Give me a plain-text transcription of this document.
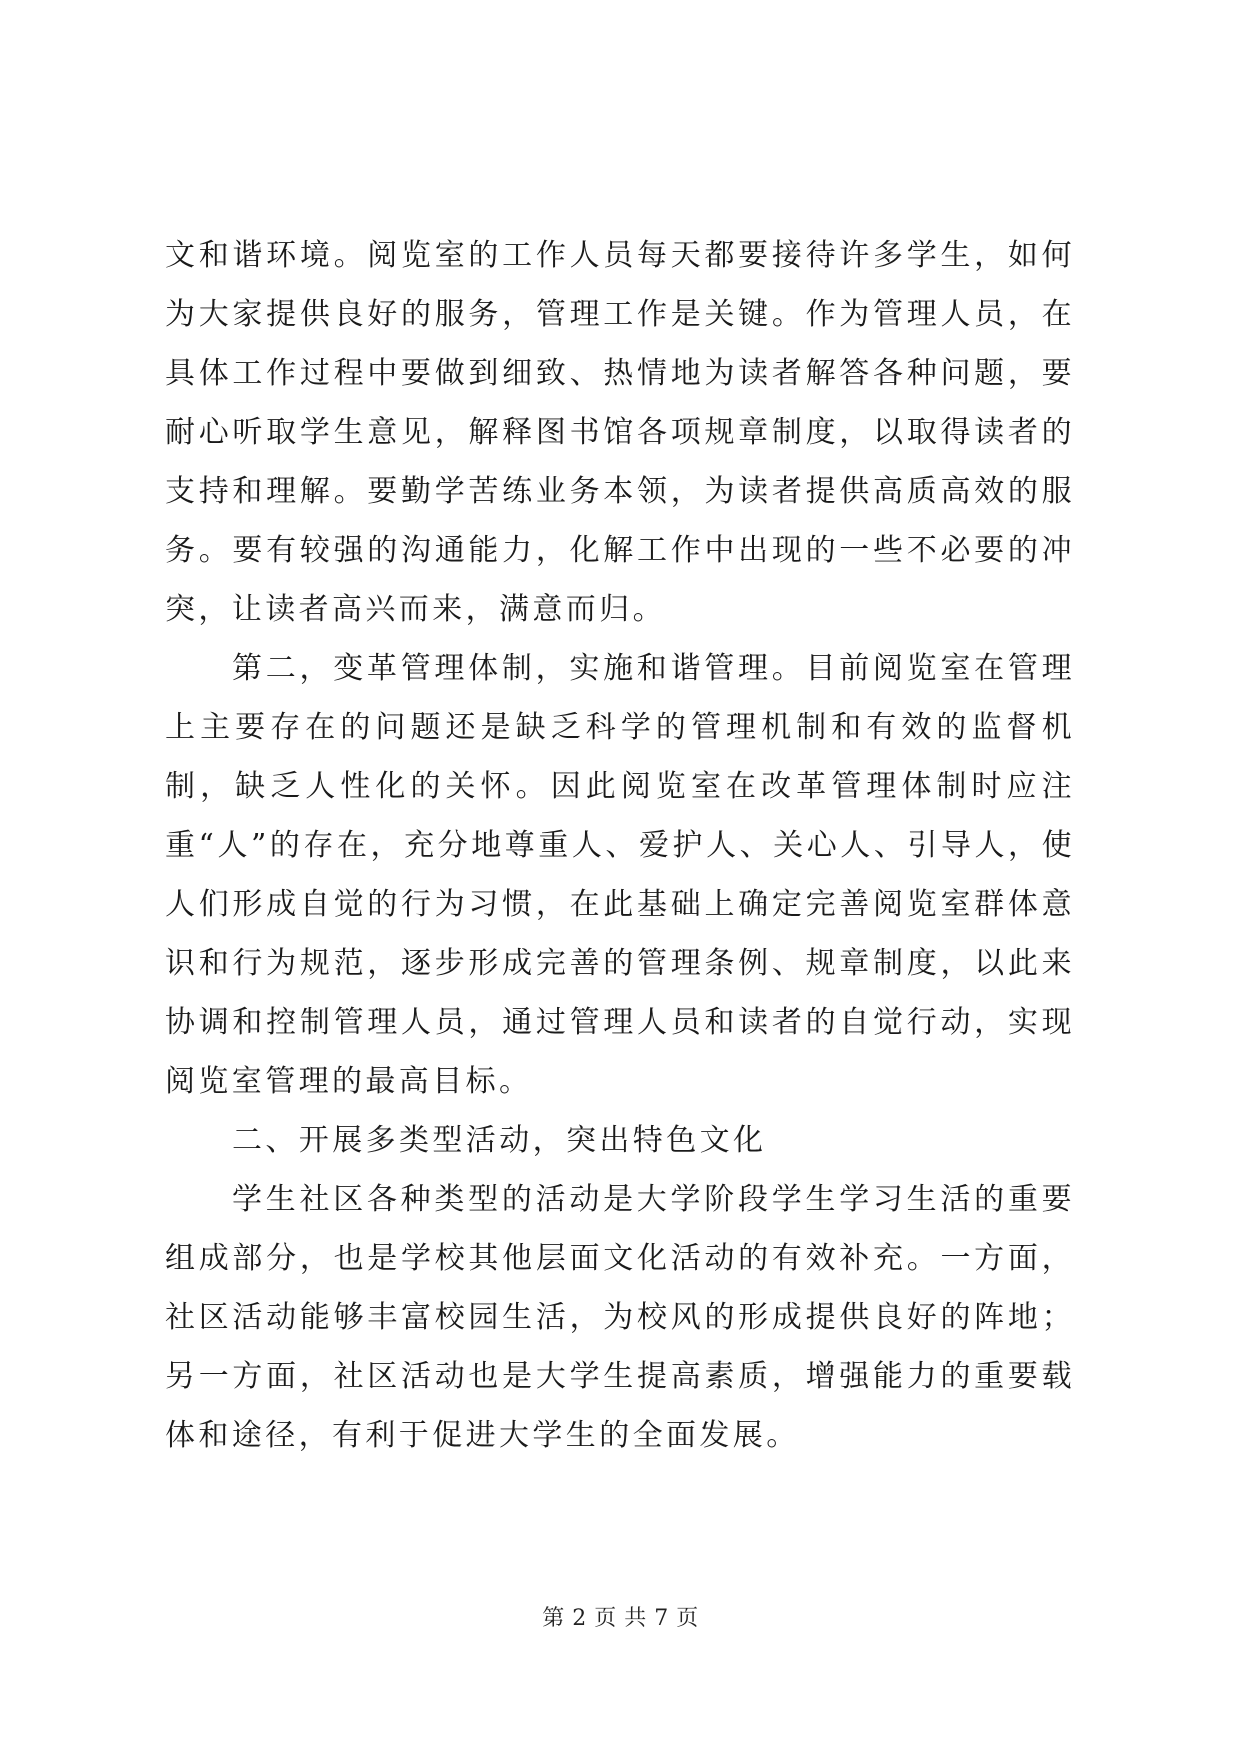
文和谐环境。阅览室的工作人员每天都要接待许多学生，如何为大家提供良好的服务，管理工作是关键。作为管理人员，在具体工作过程中要做到细致、热情地为读者解答各种问题，要耐心听取学生意见，解释图书馆各项规章制度，以取得读者的支持和理解。要勤学苦练业务本领，为读者提供高质高效的服务。要有较强的沟通能力，化解工作中出现的一些不必要的冲突，让读者高兴而来，满意而归。

第二，变革管理体制，实施和谐管理。目前阅览室在管理上主要存在的问题还是缺乏科学的管理机制和有效的监督机制，缺乏人性化的关怀。因此阅览室在改革管理体制时应注重“人”的存在，充分地尊重人、爱护人、关心人、引导人，使人们形成自觉的行为习惯，在此基础上确定完善阅览室群体意识和行为规范，逐步形成完善的管理条例、规章制度，以此来协调和控制管理人员，通过管理人员和读者的自觉行动，实现阅览室管理的最高目标。

二、开展多类型活动，突出特色文化

学生社区各种类型的活动是大学阶段学生学习生活的重要组成部分，也是学校其他层面文化活动的有效补充。一方面，社区活动能够丰富校园生活，为校风的形成提供良好的阵地；另一方面，社区活动也是大学生提高素质，增强能力的重要载体和途径，有利于促进大学生的全面发展。

第 2 页 共 7 页
